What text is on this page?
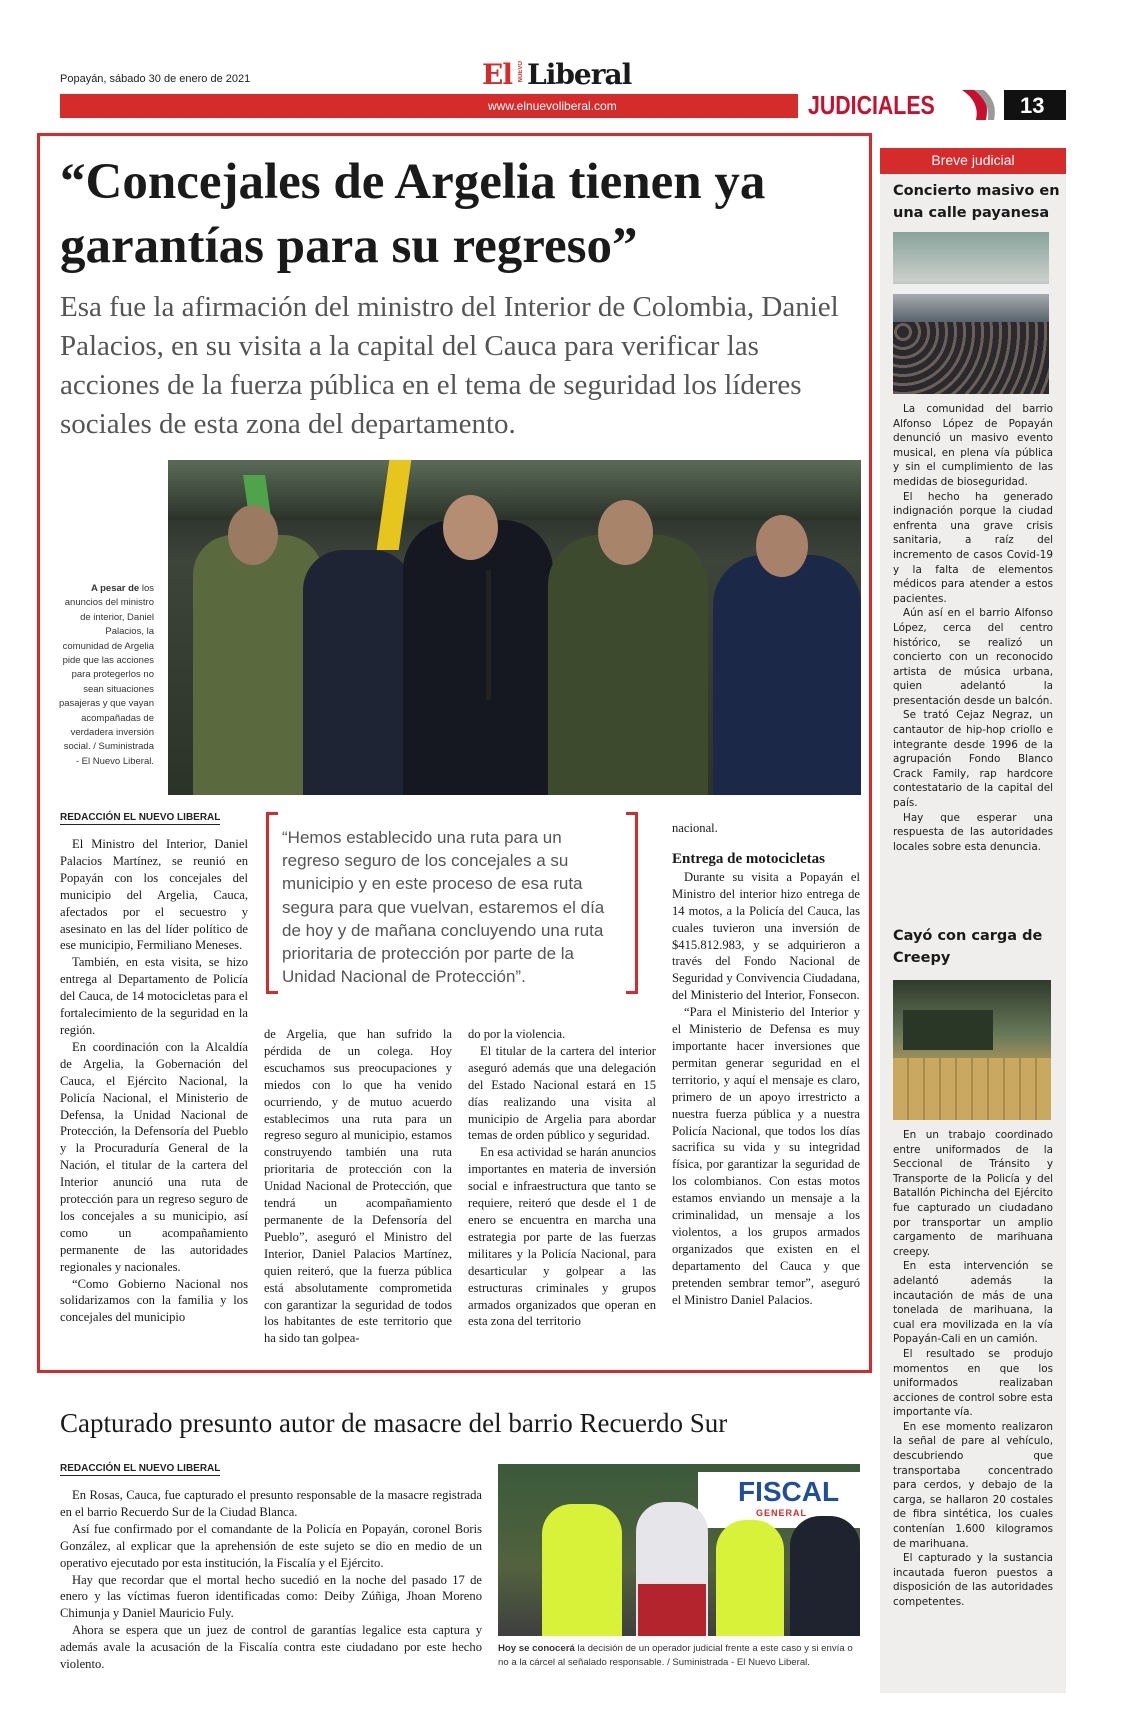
Popayán, sábado 30 de enero de 2021	El NUEVO Liberal
www.elnuevoliberal.com	JUDICIALES	13
“Concejales de Argelia tienen ya garantías para su regreso”
Esa fue la afirmación del ministro del Interior de Colombia, Daniel Palacios, en su visita a la capital del Cauca para verificar las acciones de la fuerza pública en el tema de seguridad los líderes sociales de esta zona del departamento.
A pesar de los anuncios del ministro de interior, Daniel Palacios, la comunidad de Argelia pide que las acciones para protegerlos no sean situaciones pasajeras y que vayan acompañadas de verdadera inversión social. / Suministrada - El Nuevo Liberal.
REDACCIÓN EL NUEVO LIBERAL

El Ministro del Interior, Daniel Palacios Martínez, se reunió en Popayán con los concejales del municipio del Argelia, Cauca, afectados por el secuestro y asesinato en las del líder político de ese municipio, Fermiliano Meneses.

También, en esta visita, se hizo entrega al Departamento de Policía del Cauca, de 14 motocicletas para el fortalecimiento de la seguridad en la región.

En coordinación con la Alcaldía de Argelia, la Gobernación del Cauca, el Ejército Nacional, la Policía Nacional, el Ministerio de Defensa, la Unidad Nacional de Protección, la Defensoría del Pueblo y la Procuraduría General de la Nación, el titular de la cartera del Interior anunció una ruta de protección para un regreso seguro de los concejales a su municipio, así como un acompañamiento permanente de las autoridades regionales y nacionales.

“Como Gobierno Nacional nos solidarizamos con la familia y los concejales del municipio

“Hemos establecido una ruta para un regreso seguro de los concejales a su municipio y en este proceso de esa ruta segura para que vuelvan, estaremos el día de hoy y de mañana concluyendo una ruta prioritaria de protección por parte de la Unidad Nacional de Protección”.

de Argelia, que han sufrido la pérdida de un colega. Hoy escuchamos sus preocupaciones y miedos con lo que ha venido ocurriendo, y de mutuo acuerdo establecimos una ruta para un regreso seguro al municipio, estamos construyendo también una ruta prioritaria de protección con la Unidad Nacional de Protección, que tendrá un acompañamiento permanente de la Defensoría del Pueblo”, aseguró el Ministro del Interior, Daniel Palacios Martínez, quien reiteró, que la fuerza pública está absolutamente comprometida con garantizar la seguridad de todos los habitantes de este territorio que ha sido tan golpea-

do por la violencia.

El titular de la cartera del interior aseguró además que una delegación del Estado Nacional estará en 15 días realizando una visita al municipio de Argelia para abordar temas de orden público y seguridad.

En esa actividad se harán anuncios importantes en materia de inversión social e infraestructura que tanto se requiere, reiteró que desde el 1 de enero se encuentra en marcha una estrategia por parte de las fuerzas militares y la Policía Nacional, para desarticular y golpear a las estructuras criminales y grupos armados organizados que operan en esta zona del territorio

nacional.

Entrega de motocicletas

Durante su visita a Popayán el Ministro del interior hizo entrega de 14 motos, a la Policía del Cauca, las cuales tuvieron una inversión de $415.812.983, y se adquirieron a través del Fondo Nacional de Seguridad y Convivencia Ciudadana, del Ministerio del Interior, Fonsecon.

“Para el Ministerio del Interior y el Ministerio de Defensa es muy importante hacer inversiones que permitan generar seguridad en el territorio, y aquí el mensaje es claro, primero de un apoyo irrestricto a nuestra fuerza pública y a nuestra Policía Nacional, que todos los días sacrifica su vida y su integridad física, por garantizar la seguridad de los colombianos. Con estas motos estamos enviando un mensaje a la criminalidad, un mensaje a los violentos, a los grupos armados organizados que existen en el departamento del Cauca y que pretenden sembrar temor”, aseguró el Ministro Daniel Palacios.

Capturado presunto autor de masacre del barrio Recuerdo Sur
REDACCIÓN EL NUEVO LIBERAL

En Rosas, Cauca, fue capturado el presunto responsable de la masacre registrada en el barrio Recuerdo Sur de la Ciudad Blanca.

Así fue confirmado por el comandante de la Policía en Popayán, coronel Boris González, al explicar que la aprehensión de este sujeto se dio en medio de un operativo ejecutado por esta institución, la Fiscalía y el Ejército.

Hay que recordar que el mortal hecho sucedió en la noche del pasado 17 de enero y las víctimas fueron identificadas como: Deiby Zúñiga, Jhoan Moreno Chimunja y Daniel Mauricio Fuly.

Ahora se espera que un juez de control de garantías legalice esta captura y además avale la acusación de la Fiscalía contra este ciudadano por este hecho violento.

FISCAL
GENERAL
Hoy se conocerá la decisión de un operador judicial frente a este caso y si envía o no a la cárcel al señalado responsable. / Suministrada - El Nuevo Liberal.
Breve judicial
Concierto masivo en una calle payanesa

La comunidad del barrio Alfonso López de Popayán denunció un masivo evento musical, en plena vía pública y sin el cumplimiento de las medidas de bioseguridad.

El hecho ha generado indignación porque la ciudad enfrenta una grave crisis sanitaria, a raíz del incremento de casos Covid-19 y la falta de elementos médicos para atender a estos pacientes.

Aún así en el barrio Alfonso López, cerca del centro histórico, se realizó un concierto con un reconocido artista de música urbana, quien adelantó la presentación desde un balcón.

Se trató Cejaz Negraz, un cantautor de hip-hop criollo e integrante desde 1996 de la agrupación Fondo Blanco Crack Family, rap hardcore contestatario de la capital del país.

Hay que esperar una respuesta de las autoridades locales sobre esta denuncia.

Cayó con carga de Creepy

En un trabajo coordinado entre uniformados de la Seccional de Tránsito y Transporte de la Policía y del Batallón Pichincha del Ejército fue capturado un ciudadano por transportar un amplio cargamento de marihuana creepy.

En esta intervención se adelantó además la incautación de más de una tonelada de marihuana, la cual era movilizada en la vía Popayán-Cali en un camión.

El resultado se produjo momentos en que los uniformados realizaban acciones de control sobre esta importante vía.

En ese momento realizaron la señal de pare al vehículo, descubriendo que transportaba concentrado para cerdos, y debajo de la carga, se hallaron 20 costales de fibra sintética, los cuales contenían 1.600 kilogramos de marihuana.

El capturado y la sustancia incautada fueron puestos a disposición de las autoridades competentes.
